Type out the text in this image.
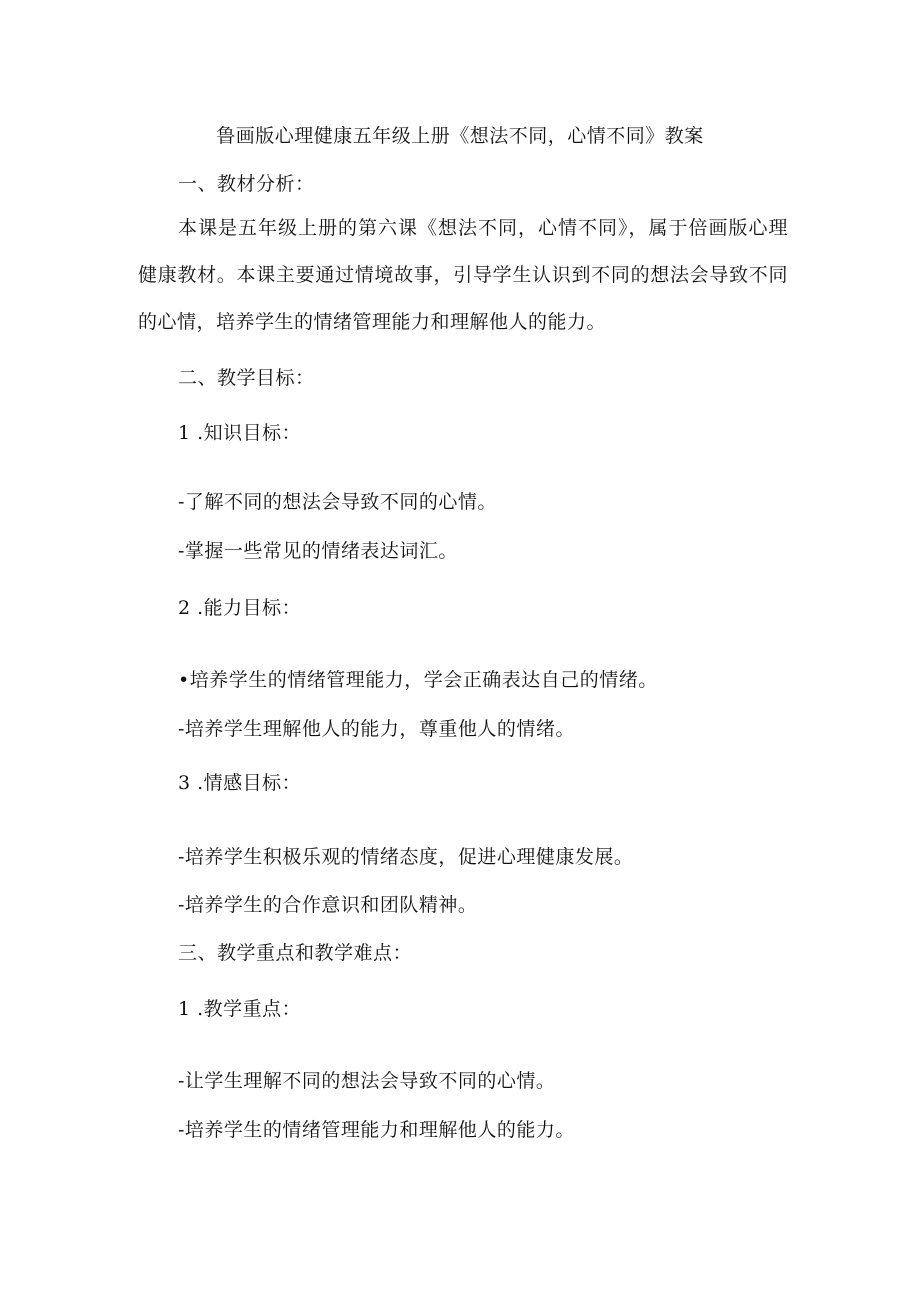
鲁画版心理健康五年级上册《想法不同，心情不同》教案
一、教材分析：
本课是五年级上册的第六课《想法不同，心情不同》，属于倍画版心理健康教材。本课主要通过情境故事，引导学生认识到不同的想法会导致不同的心情，培养学生的情绪管理能力和理解他人的能力。
二、教学目标：
1 .知识目标：
-了解不同的想法会导致不同的心情。
-掌握一些常见的情绪表达词汇。
2 .能力目标：
•培养学生的情绪管理能力，学会正确表达自己的情绪。
-培养学生理解他人的能力，尊重他人的情绪。
3 .情感目标：
-培养学生积极乐观的情绪态度，促进心理健康发展。
-培养学生的合作意识和团队精神。
三、教学重点和教学难点：
1 .教学重点：
-让学生理解不同的想法会导致不同的心情。
-培养学生的情绪管理能力和理解他人的能力。
